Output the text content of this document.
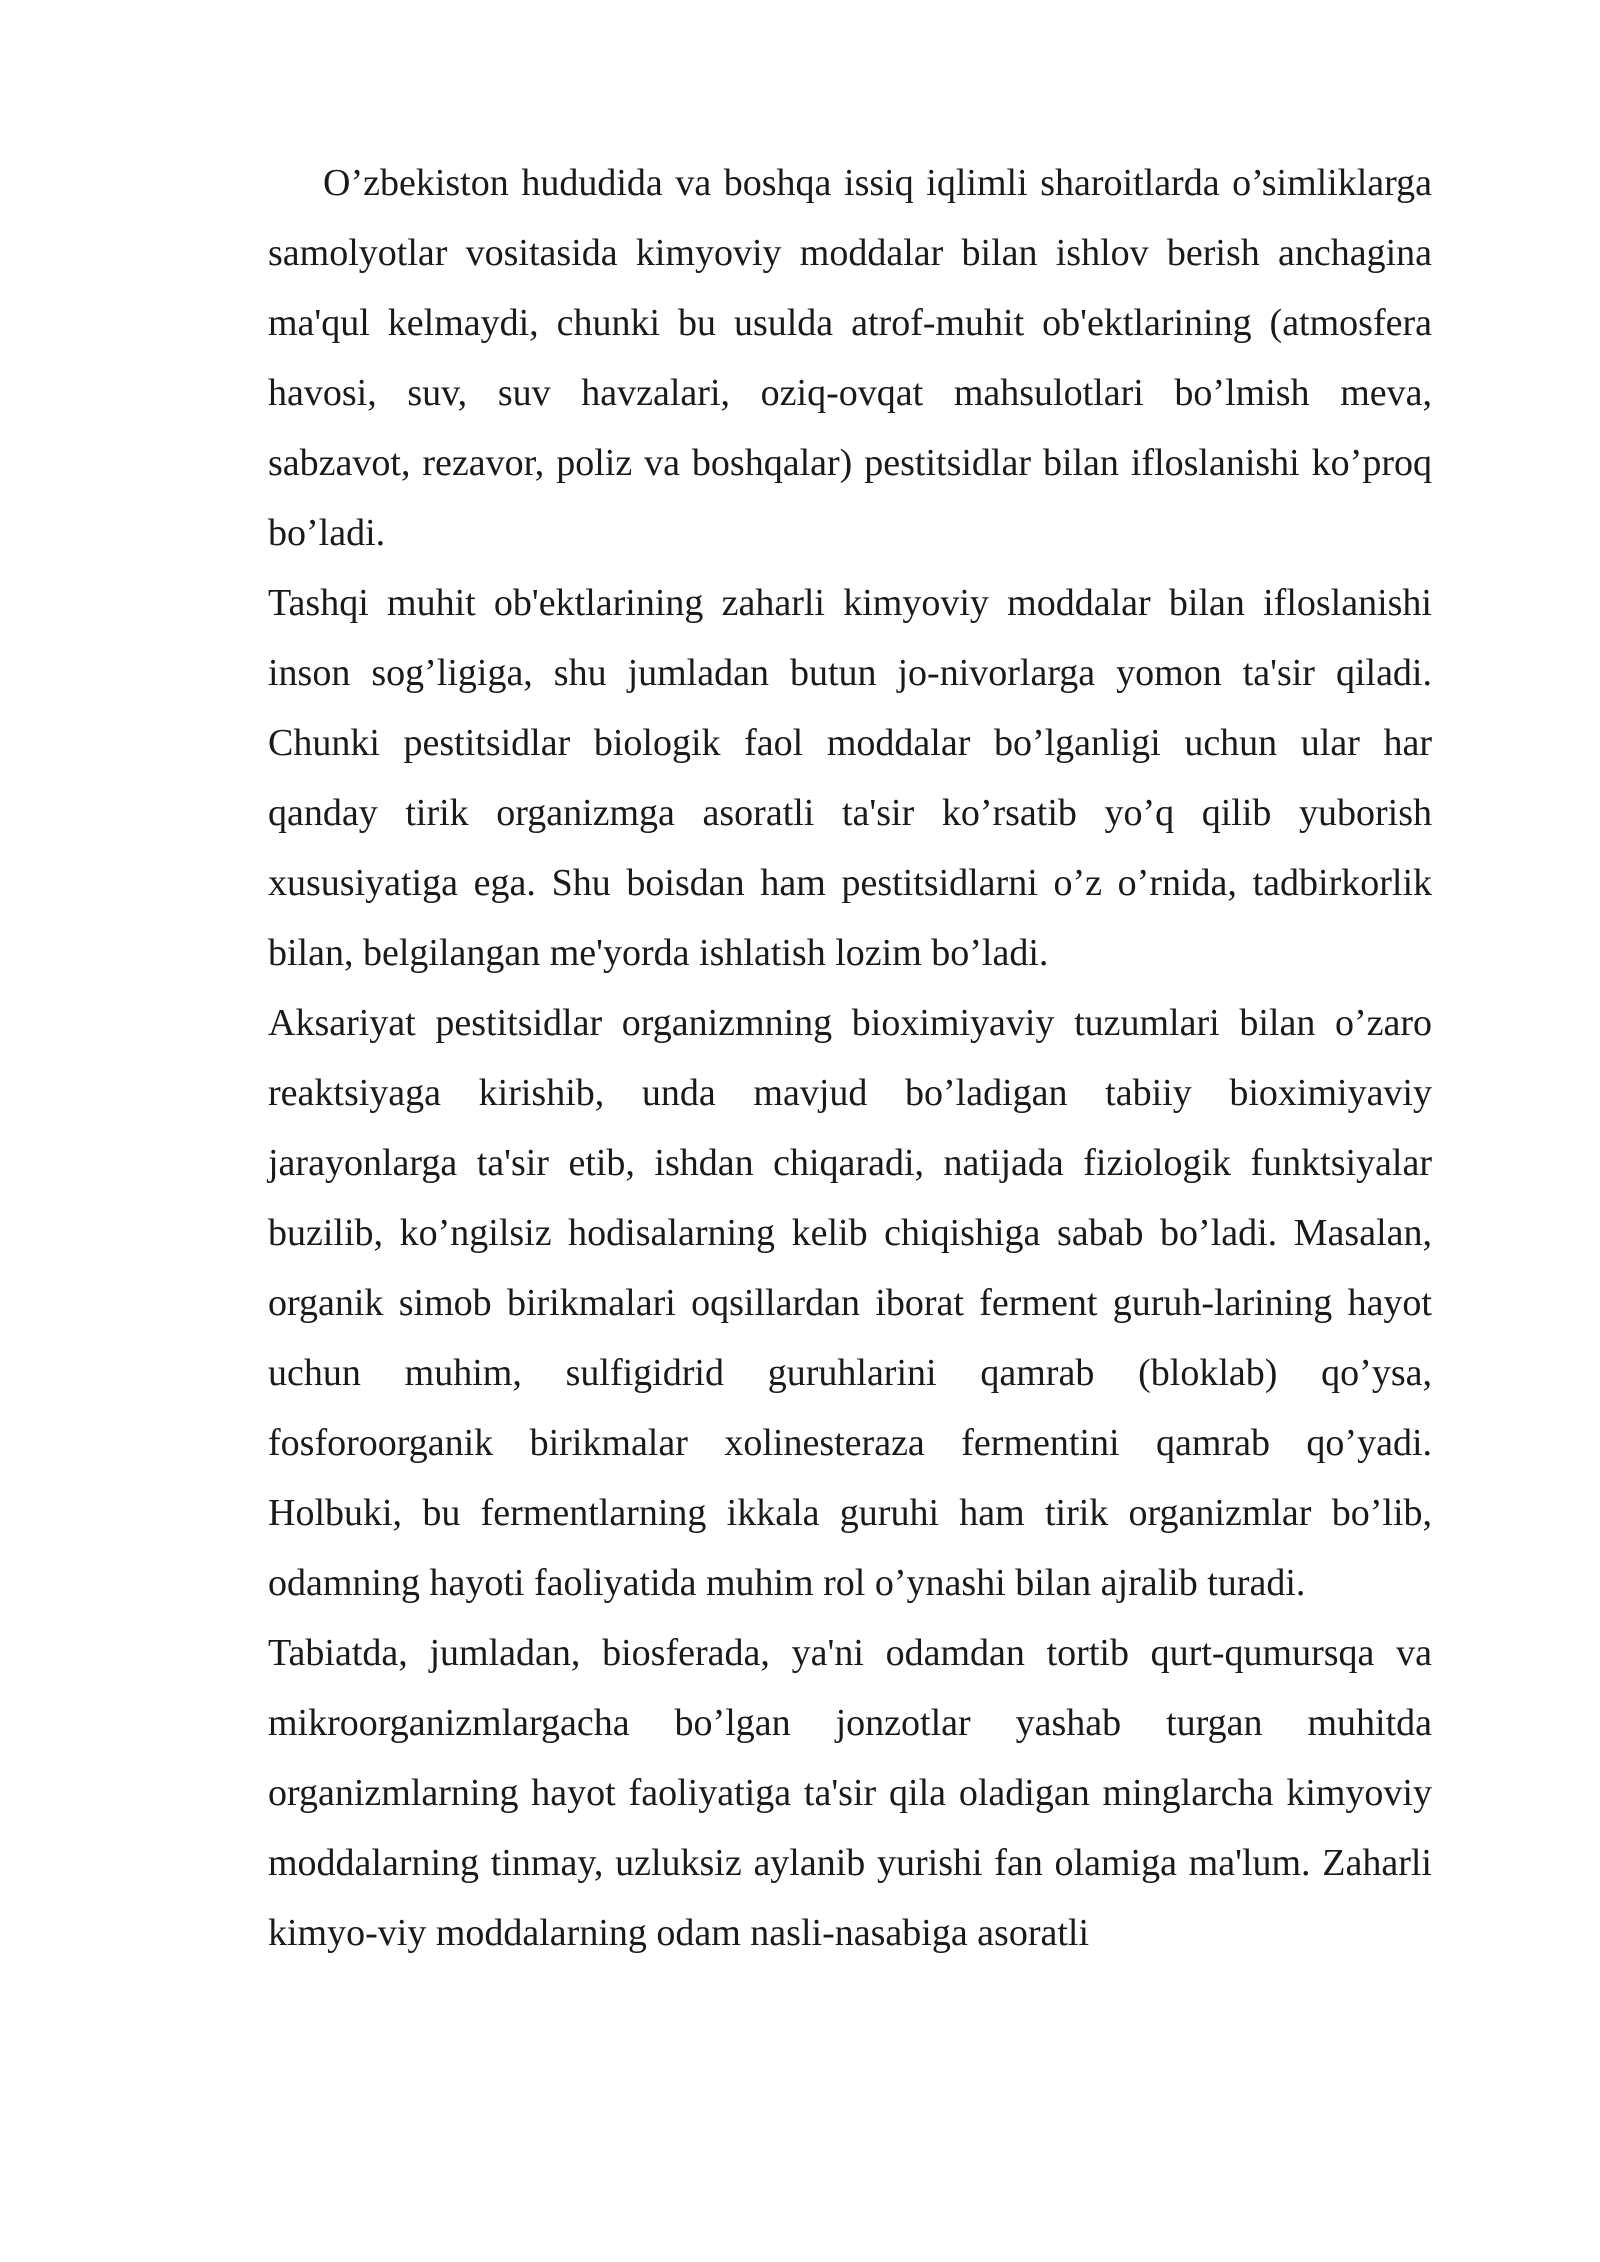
O’zbekiston hududida va boshqa issiq iqlimli sharoitlarda o’simliklarga samolyotlar vositasida kimyoviy moddalar bilan ishlov berish anchagina ma'qul kelmaydi, chunki bu usulda atrof-muhit ob'ektlarining (atmosfera havosi, suv, suv havzalari, oziq-ovqat mahsulotlari bo’lmish meva, sabzavot, rezavor, poliz va boshqalar) pestitsidlar bilan ifloslanishi ko’proq bo’ladi.

Tashqi muhit ob'ektlarining zaharli kimyoviy moddalar bilan ifloslanishi inson sog’ligiga, shu jumladan butun jo-nivorlarga yomon ta'sir qiladi. Chunki pestitsidlar biologik faol moddalar bo’lganligi uchun ular har qanday tirik organizmga asoratli ta'sir ko’rsatib yo’q qilib yuborish xususiyatiga ega. Shu boisdan ham pestitsidlarni o’z o’rnida, tadbirkorlik bilan, belgilangan me'yorda ishlatish lozim bo’ladi.

Aksariyat pestitsidlar organizmning bioximiyaviy tuzumlari bilan o’zaro reaktsiyaga kirishib, unda mavjud bo’ladigan tabiiy bioximiyaviy jarayonlarga ta'sir etib, ishdan chiqaradi, natijada fiziologik funktsiyalar buzilib, ko’ngilsiz hodisalarning kelib chiqishiga sabab bo’ladi. Masalan, organik simob birikmalari oqsillardan iborat ferment guruh-larining hayot uchun muhim, sulfigidrid guruhlarini qamrab (bloklab) qo’ysa, fosforoorganik birikmalar xolinesteraza fermentini qamrab qo’yadi. Holbuki, bu fermentlarning ikkala guruhi ham tirik organizmlar bo’lib, odamning hayoti faoliyatida muhim rol o’ynashi bilan ajralib turadi.

Tabiatda, jumladan, biosferada, ya'ni odamdan tortib qurt-qumursqa va mikroorganizmlargacha bo’lgan jonzotlar yashab turgan muhitda organizmlarning hayot faoliyatiga ta'sir qila oladigan minglarcha kimyoviy moddalarning tinmay, uzluksiz aylanib yurishi fan olamiga ma'lum. Zaharli kimyo-viy moddalarning odam nasli-nasabiga asoratli
